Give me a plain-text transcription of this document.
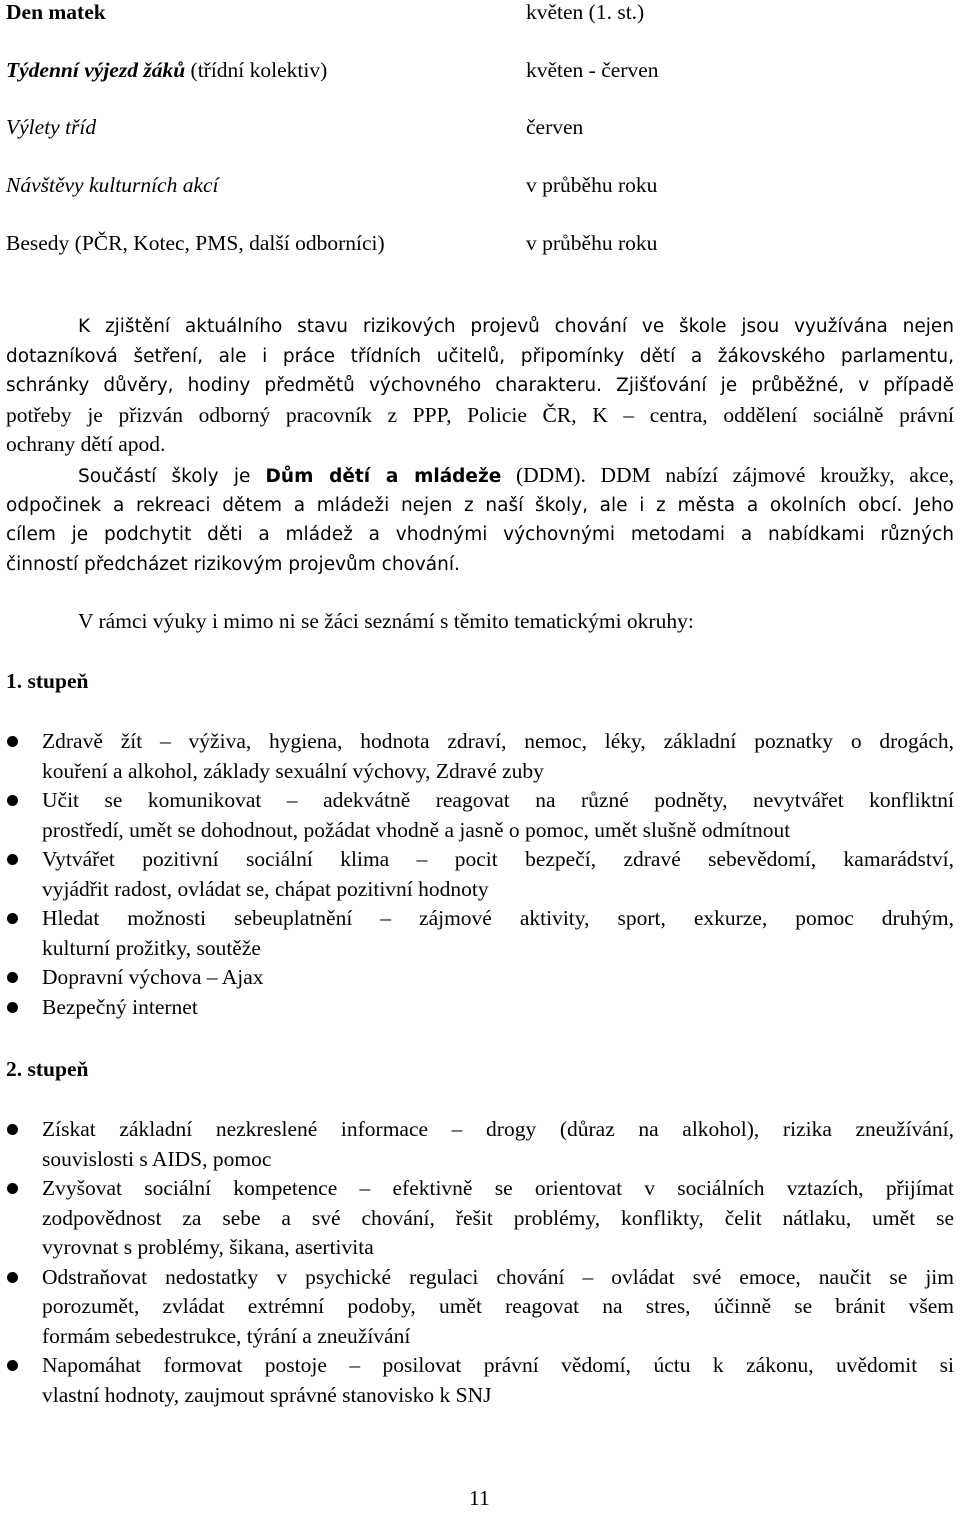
Den matek	květen (1. st.)
Týdenní výjezd žáků (třídní kolektiv)	květen - červen
Výlety tříd	červen
Návštěvy kulturních akcí	v průběhu roku
Besedy (PČR, Kotec, PMS, další odborníci)	v průběhu roku
K zjištění aktuálního stavu rizikových projevů chování ve škole jsou využívána nejen
dotazníková šetření, ale i práce třídních učitelů, připomínky dětí a žákovského parlamentu,
schránky důvěry, hodiny předmětů výchovného charakteru. Zjišťování je průběžné, v případě
potřeby je přizván odborný pracovník z PPP, Policie ČR, K – centra, oddělení sociálně právní
ochrany dětí apod.
Součástí školy je Dům dětí a mládeže (DDM). DDM nabízí zájmové kroužky, akce,
odpočinek a rekreaci dětem a mládeži nejen z naší školy, ale i z města a okolních obcí. Jeho
cílem je podchytit děti a mládež a vhodnými výchovnými metodami a nabídkami různých
činností předcházet rizikovým projevům chování.
V rámci výuky i mimo ni se žáci seznámí s těmito tematickými okruhy:
1. stupeň
Zdravě žít – výživa, hygiena, hodnota zdraví, nemoc, léky, základní poznatky o drogách,
kouření a alkohol, základy sexuální výchovy, Zdravé zuby
Učit se komunikovat – adekvátně reagovat na různé podněty, nevytvářet konfliktní
prostředí, umět se dohodnout, požádat vhodně a jasně o pomoc, umět slušně odmítnout
Vytvářet pozitivní sociální klima – pocit bezpečí, zdravé sebevědomí, kamarádství,
vyjádřit radost, ovládat se, chápat pozitivní hodnoty
Hledat možnosti sebeuplatnění – zájmové aktivity, sport, exkurze, pomoc druhým,
kulturní prožitky, soutěže
Dopravní výchova – Ajax
Bezpečný internet
2. stupeň
Získat základní nezkreslené informace – drogy (důraz na alkohol), rizika zneužívání,
souvislosti s AIDS, pomoc
Zvyšovat sociální kompetence – efektivně se orientovat v sociálních vztazích, přijímat
zodpovědnost za sebe a své chování, řešit problémy, konflikty, čelit nátlaku, umět se
vyrovnat s problémy, šikana, asertivita
Odstraňovat nedostatky v psychické regulaci chování – ovládat své emoce, naučit se jim
porozumět, zvládat extrémní podoby, umět reagovat na stres, účinně se bránit všem
formám sebedestrukce, týrání a zneužívání
Napomáhat formovat postoje – posilovat právní vědomí, úctu k zákonu, uvědomit si
vlastní hodnoty, zaujmout správné stanovisko k SNJ
11
